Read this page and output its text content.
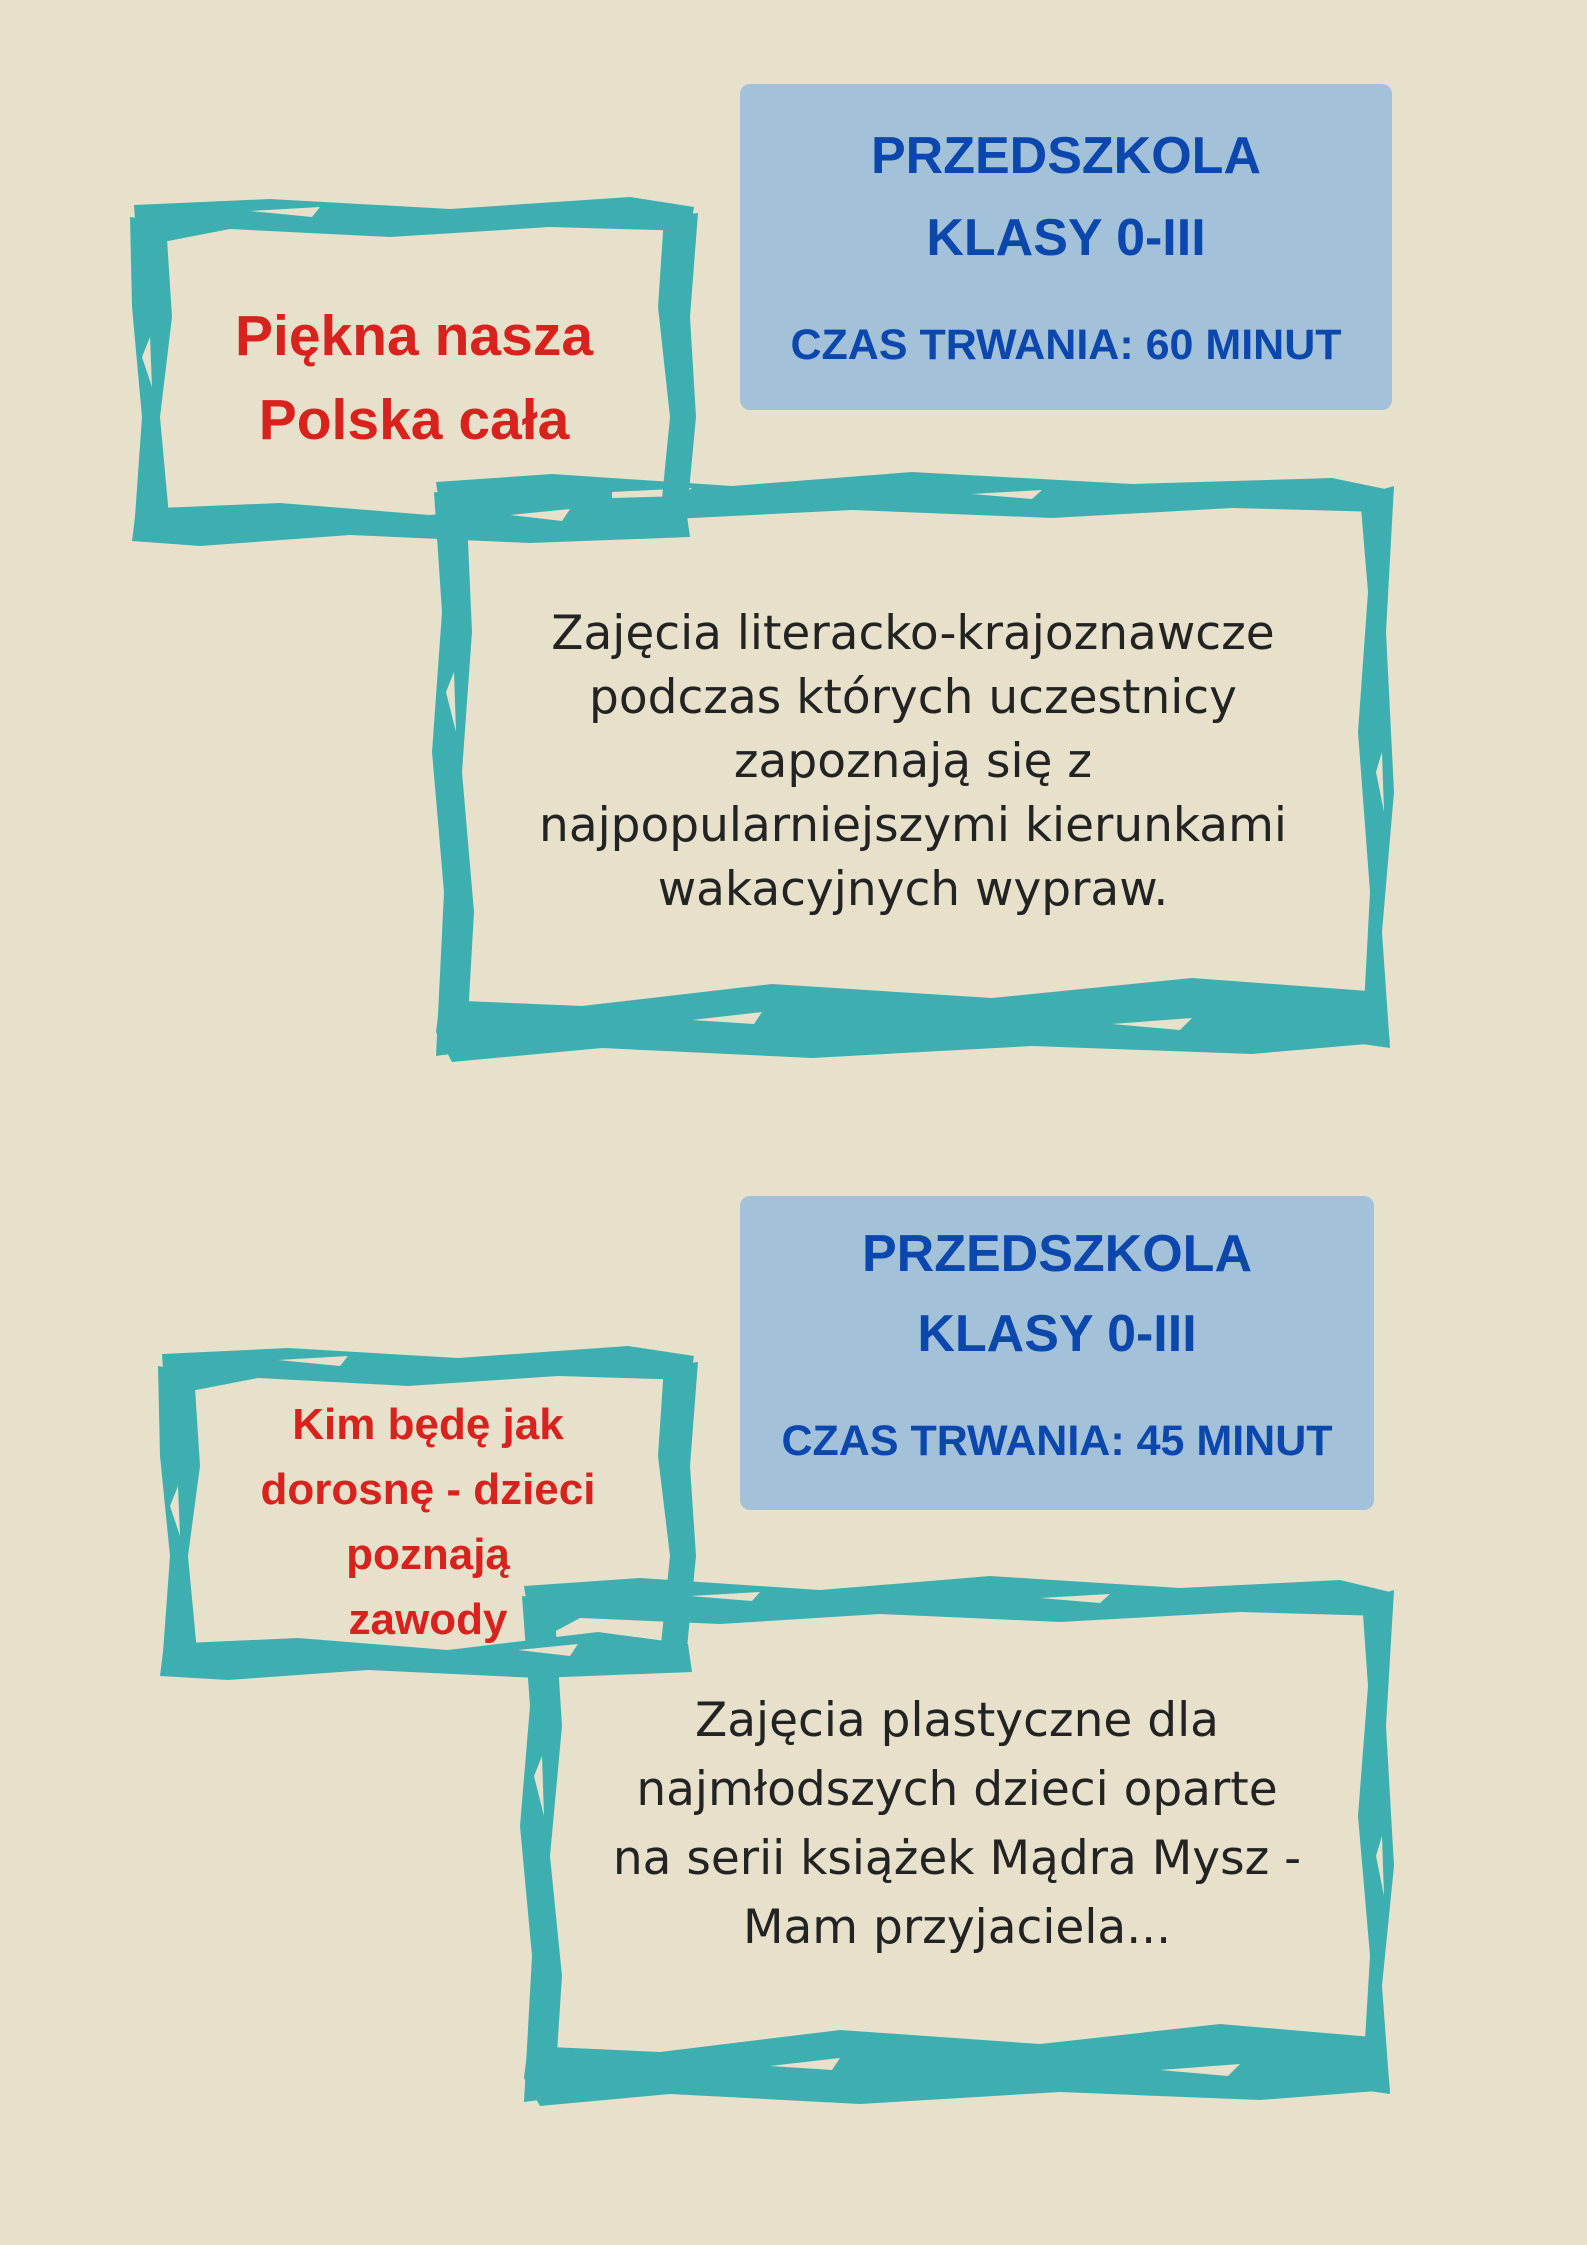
Zajęcia literacko-krajoznawcze
podczas których uczestnicy
zapoznają się z
najpopularniejszymi kierunkami
wakacyjnych wypraw.
Piękna nasza
Polska cała
PRZEDSZKOLA
KLASY 0-III
CZAS TRWANIA: 60 MINUT
Zajęcia plastyczne dla
najmłodszych dzieci oparte
na serii książek Mądra Mysz -
Mam przyjaciela...
Kim będę jak
dorosnę - dzieci
poznają
zawody
PRZEDSZKOLA
KLASY 0-III
CZAS TRWANIA: 45 MINUT
